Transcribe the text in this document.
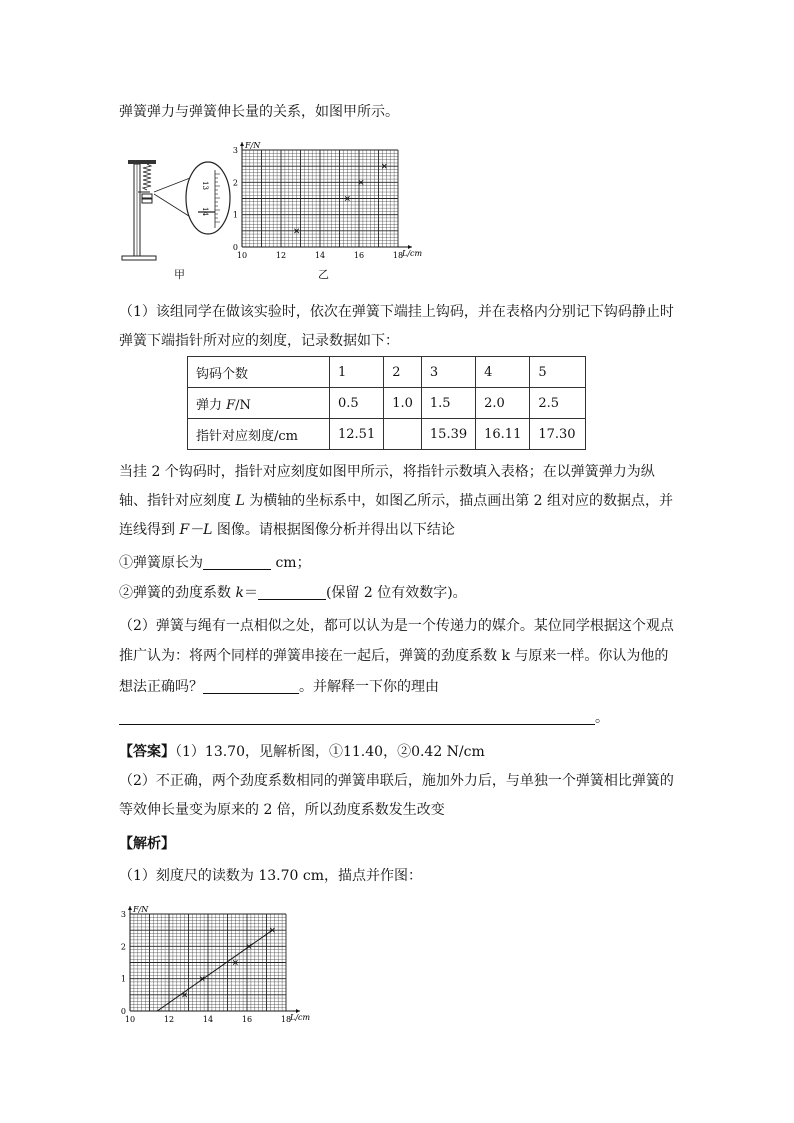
弹簧弹力与弹簧伸长量的关系，如图甲所示。
13
14
甲
10	12	14	16	18
0
1
2
3
L/cm
F/N
乙
（1）该组同学在做该实验时，依次在弹簧下端挂上钩码，并在表格内分别记下钩码静止时
弹簧下端指针所对应的刻度，记录数据如下：
钩码个数	1	2	3	4	5
弹力 F/N	0.5	1.0	1.5	2.0	2.5
指针对应刻度/cm	12.51		15.39	16.11	17.30
当挂 2 个钩码时，指针对应刻度如图甲所示，将指针示数填入表格；在以弹簧弹力为纵
轴、指针对应刻度 L 为横轴的坐标系中，如图乙所示，描点画出第 2 组对应的数据点，并
连线得到 F－L 图像。请根据图像分析并得出以下结论
①弹簧原长为	cm；
②弹簧的劲度系数 k＝	(保留 2 位有效数字)。
（2）弹簧与绳有一点相似之处，都可以认为是一个传递力的媒介。某位同学根据这个观点
推广认为：将两个同样的弹簧串接在一起后，弹簧的劲度系数 k 与原来一样。你认为他的
想法正确吗？	。并解释一下你的理由
。
【答案】（1）13.70，见解析图，①11.40，②0.42 N/cm
（2）不正确，两个劲度系数相同的弹簧串联后，施加外力后，与单独一个弹簧相比弹簧的
等效伸长量变为原来的 2 倍，所以劲度系数发生改变
【解析】
（1）刻度尺的读数为 13.70 cm，描点并作图：
10	12	14	16	18
0
1
2
3
L/cm
F/N
